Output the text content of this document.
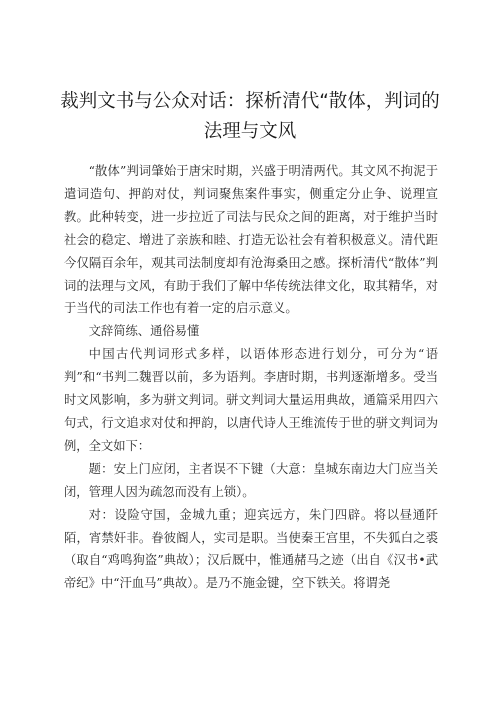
裁判文书与公众对话：探析清代“散体，判词的
法理与文风

“散体”判词肇始于唐宋时期，兴盛于明清两代。其文风不拘泥于遣词造句、押韵对仗，判词聚焦案件事实，侧重定分止争、说理宣教。此种转变，进一步拉近了司法与民众之间的距离，对于维护当时社会的稳定、增进了亲族和睦、打造无讼社会有着积极意义。清代距今仅隔百余年，观其司法制度却有沧海桑田之感。探析清代“散体”判词的法理与文风，有助于我们了解中华传统法律文化，取其精华，对于当代的司法工作也有着一定的启示意义。

文辞简练、通俗易懂

中国古代判词形式多样，以语体形态进行划分，可分为“语判”和“书判二魏晋以前，多为语判。李唐时期，书判逐渐增多。受当时文风影响，多为骈文判词。骈文判词大量运用典故，通篇采用四六句式，行文追求对仗和押韵，以唐代诗人王维流传于世的骈文判词为例，全文如下：

题：安上门应闭，主者误不下键（大意：皇城东南边大门应当关闭，管理人因为疏忽而没有上锁）。

对：设险守国，金城九重；迎宾远方，朱门四辟。将以昼通阡陌，宵禁奸非。眷彼阍人，实司是职。当使秦王宫里，不失狐白之裘（取自“鸡鸣狗盗”典故）；汉后厩中，惟通赭马之迹（出自《汉书•武帝纪》中“汗血马”典故）。是乃不施金键，空下铁关。将谓尧
